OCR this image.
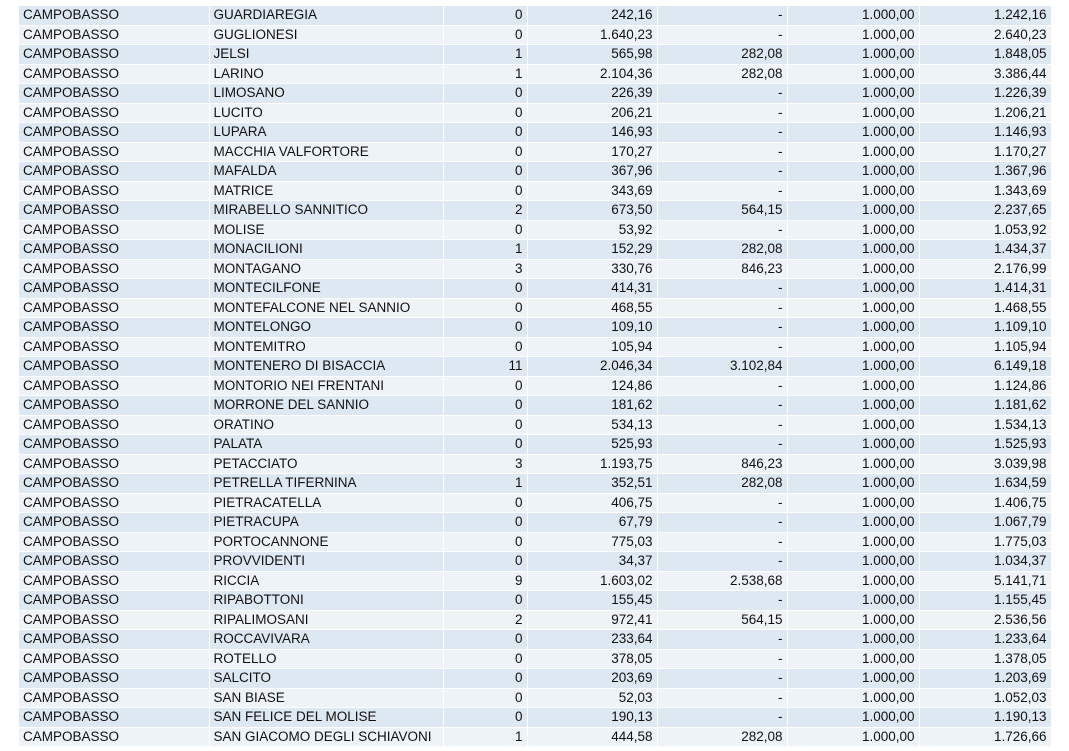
CAMPOBASSO	GUARDIAREGIA	0	242,16	-	1.000,00	1.242,16
CAMPOBASSO	GUGLIONESI	0	1.640,23	-	1.000,00	2.640,23
CAMPOBASSO	JELSI	1	565,98	282,08	1.000,00	1.848,05
CAMPOBASSO	LARINO	1	2.104,36	282,08	1.000,00	3.386,44
CAMPOBASSO	LIMOSANO	0	226,39	-	1.000,00	1.226,39
CAMPOBASSO	LUCITO	0	206,21	-	1.000,00	1.206,21
CAMPOBASSO	LUPARA	0	146,93	-	1.000,00	1.146,93
CAMPOBASSO	MACCHIA VALFORTORE	0	170,27	-	1.000,00	1.170,27
CAMPOBASSO	MAFALDA	0	367,96	-	1.000,00	1.367,96
CAMPOBASSO	MATRICE	0	343,69	-	1.000,00	1.343,69
CAMPOBASSO	MIRABELLO SANNITICO	2	673,50	564,15	1.000,00	2.237,65
CAMPOBASSO	MOLISE	0	53,92	-	1.000,00	1.053,92
CAMPOBASSO	MONACILIONI	1	152,29	282,08	1.000,00	1.434,37
CAMPOBASSO	MONTAGANO	3	330,76	846,23	1.000,00	2.176,99
CAMPOBASSO	MONTECILFONE	0	414,31	-	1.000,00	1.414,31
CAMPOBASSO	MONTEFALCONE NEL SANNIO	0	468,55	-	1.000,00	1.468,55
CAMPOBASSO	MONTELONGO	0	109,10	-	1.000,00	1.109,10
CAMPOBASSO	MONTEMITRO	0	105,94	-	1.000,00	1.105,94
CAMPOBASSO	MONTENERO DI BISACCIA	11	2.046,34	3.102,84	1.000,00	6.149,18
CAMPOBASSO	MONTORIO NEI FRENTANI	0	124,86	-	1.000,00	1.124,86
CAMPOBASSO	MORRONE DEL SANNIO	0	181,62	-	1.000,00	1.181,62
CAMPOBASSO	ORATINO	0	534,13	-	1.000,00	1.534,13
CAMPOBASSO	PALATA	0	525,93	-	1.000,00	1.525,93
CAMPOBASSO	PETACCIATO	3	1.193,75	846,23	1.000,00	3.039,98
CAMPOBASSO	PETRELLA TIFERNINA	1	352,51	282,08	1.000,00	1.634,59
CAMPOBASSO	PIETRACATELLA	0	406,75	-	1.000,00	1.406,75
CAMPOBASSO	PIETRACUPA	0	67,79	-	1.000,00	1.067,79
CAMPOBASSO	PORTOCANNONE	0	775,03	-	1.000,00	1.775,03
CAMPOBASSO	PROVVIDENTI	0	34,37	-	1.000,00	1.034,37
CAMPOBASSO	RICCIA	9	1.603,02	2.538,68	1.000,00	5.141,71
CAMPOBASSO	RIPABOTTONI	0	155,45	-	1.000,00	1.155,45
CAMPOBASSO	RIPALIMOSANI	2	972,41	564,15	1.000,00	2.536,56
CAMPOBASSO	ROCCAVIVARA	0	233,64	-	1.000,00	1.233,64
CAMPOBASSO	ROTELLO	0	378,05	-	1.000,00	1.378,05
CAMPOBASSO	SALCITO	0	203,69	-	1.000,00	1.203,69
CAMPOBASSO	SAN BIASE	0	52,03	-	1.000,00	1.052,03
CAMPOBASSO	SAN FELICE DEL MOLISE	0	190,13	-	1.000,00	1.190,13
CAMPOBASSO	SAN GIACOMO DEGLI SCHIAVONI	1	444,58	282,08	1.000,00	1.726,66
